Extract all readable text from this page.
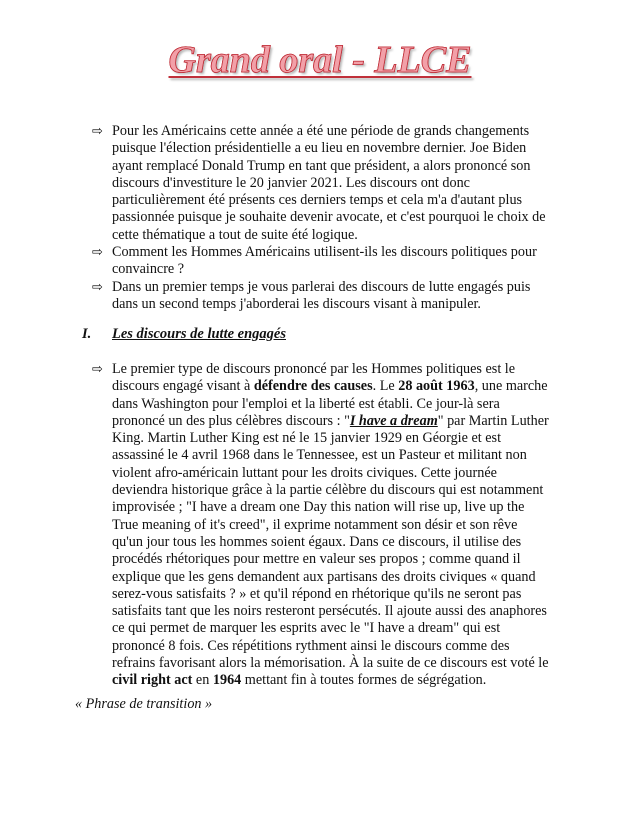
Grand oral - LLCE
⇨ Pour les Américains cette année a été une période de grands changements puisque l'élection présidentielle a eu lieu en novembre dernier. Joe Biden ayant remplacé Donald Trump en tant que président, a alors prononcé son discours d'investiture le 20 janvier 2021. Les discours ont donc particulièrement été présents ces derniers temps et cela m'a d'autant plus passionnée puisque je souhaite devenir avocate, et c'est pourquoi le choix de cette thématique a tout de suite été logique.
⇨ Comment les Hommes Américains utilisent-ils les discours politiques pour convaincre ?
⇨ Dans un premier temps je vous parlerai des discours de lutte engagés puis dans un second temps j'aborderai les discours visant à manipuler.
I. Les discours de lutte engagés
⇨ Le premier type de discours prononcé par les Hommes politiques est le discours engagé visant à défendre des causes. Le 28 août 1963, une marche dans Washington pour l'emploi et la liberté est établi. Ce jour-là sera prononcé un des plus célèbres discours : "I have a dream" par Martin Luther King. Martin Luther King est né le 15 janvier 1929 en Géorgie et est assassiné le 4 avril 1968 dans le Tennessee, est un Pasteur et militant non violent afro-américain luttant pour les droits civiques. Cette journée deviendra historique grâce à la partie célèbre du discours qui est notamment improvisée ; "I have a dream one Day this nation will rise up, live up the True meaning of it's creed", il exprime notamment son désir et son rêve qu'un jour tous les hommes soient égaux. Dans ce discours, il utilise des procédés rhétoriques pour mettre en valeur ses propos ; comme quand il explique que les gens demandent aux partisans des droits civiques « quand serez-vous satisfaits ? » et qu'il répond en rhétorique qu'ils ne seront pas satisfaits tant que les noirs resteront persécutés. Il ajoute aussi des anaphores ce qui permet de marquer les esprits avec le "I have a dream" qui est prononcé 8 fois. Ces répétitions rythment ainsi le discours comme des refrains favorisant alors la mémorisation. À la suite de ce discours est voté le civil right act en 1964 mettant fin à toutes formes de ségrégation.
« Phrase de transition »
